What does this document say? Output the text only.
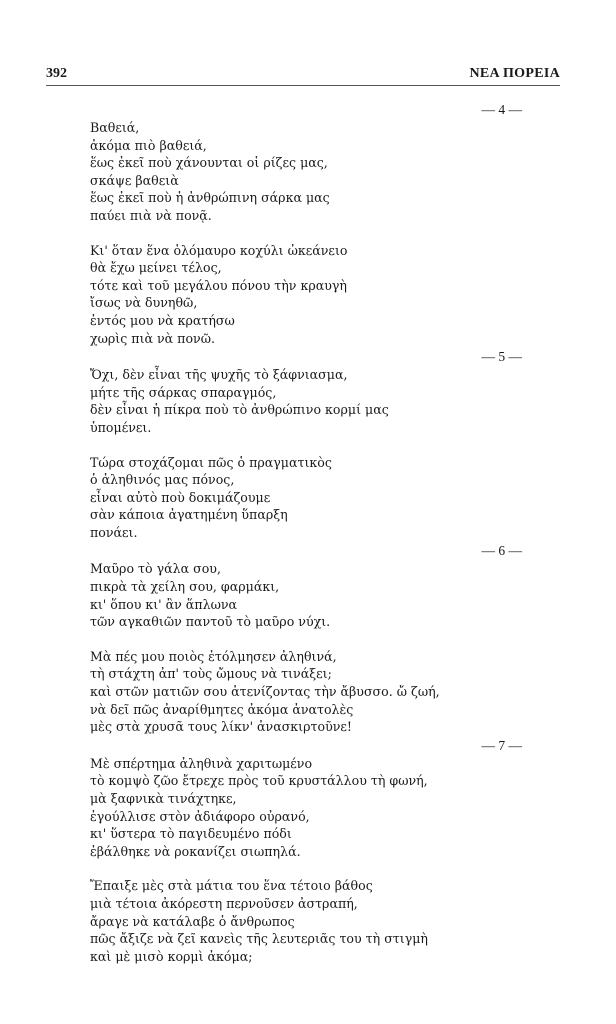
392	ΝΕΑ ΠΟΡΕΙΑ
— 4 —
Βαθειά,
ἀκόμα πιὸ βαθειά,
ἕως ἐκεῖ ποὺ χάνουνται οἱ ρίζες μας,
σκάψε βαθειὰ
ἕως ἐκεῖ ποὺ ἡ ἀνθρώπινη σάρκα μας
παύει πιὰ νὰ πονᾷ.
Κι' ὅταν ἕνα ὁλόμαυρο κοχύλι ὠκεάνειο
θὰ ἔχω μείνει τέλος,
τότε καὶ τοῦ μεγάλου πόνου τὴν κραυγὴ
ἴσως νὰ δυνηθῶ,
ἐντός μου νὰ κρατήσω
χωρὶς πιὰ νὰ πονῶ.
— 5 —
Ὄχι, δὲν εἶναι τῆς ψυχῆς τὸ ξάφνιασμα,
μήτε τῆς σάρκας σπαραγμός,
δὲν εἶναι ἡ πίκρα ποὺ τὸ ἀνθρώπινο κορμί μας
ὑπομένει.
Τώρα στοχάζομαι πῶς ὁ πραγματικὸς
ὁ ἀληθινός μας πόνος,
εἶναι αὐτὸ ποὺ δοκιμάζουμε
σὰν κάποια ἀγατημένη ὕπαρξη
πονάει.
— 6 —
Μαῦρο τὸ γάλα σου,
πικρὰ τὰ χείλη σου, φαρμάκι,
κι' ὅπου κι' ἂν ἅπλωνα
τῶν αγκαθιῶν παντοῦ τὸ μαῦρο νύχι.
Μὰ πές μου ποιὸς ἐτόλμησεν ἀληθινά,
τὴ στάχτη ἀπ' τοὺς ὤμους νὰ τινάξει;
καὶ στῶν ματιῶν σου ἀτενίζοντας τὴν ἄβυσσο. ὤ ζωή,
νὰ δεῖ πῶς ἀναρίθμητες ἀκόμα ἀνατολὲς
μὲς στὰ χρυσᾶ τους λίκν' ἀνασκιρτοῦνε!
— 7 —
Μὲ σπέρτημα ἀληθινὰ χαριτωμένο
τὸ κομψὸ ζῶο ἔτρεχε πρὸς τοῦ κρυστάλλου τὴ φωνή,
μὰ ξαφνικὰ τινάχτηκε,
ἐγούλλισε στὸν ἀδιάφορο οὐρανό,
κι' ὕστερα τὸ παγιδευμένο πόδι
ἐβάλθηκε νὰ ροκανίζει σιωπηλά.
Ἔπαιξε μὲς στὰ μάτια του ἕνα τέτοιο βάθος
μιὰ τέτοια ἀκόρεστη περνοῦσεν ἀστραπή,
ἄραγε νὰ κατάλαβε ὁ ἄνθρωπος
πῶς ἄξιζε νὰ ζεῖ κανεὶς τῆς λευτεριᾶς του τὴ στιγμὴ
καὶ μὲ μισὸ κορμὶ ἀκόμα;
